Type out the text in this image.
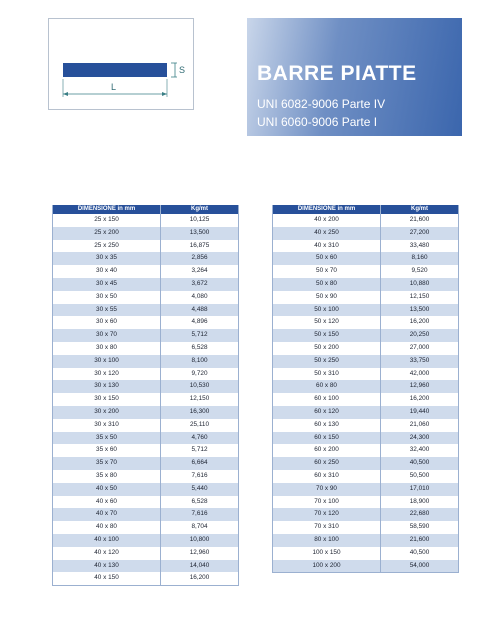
S
L
BARRE PIATTE
UNI 6082-9006 Parte IV
UNI 6060-9006 Parte I
DIMENSIONE in mm	Kg/mt
25 x 150	10,125
25 x 200	13,500
25 x 250	16,875
30 x 35	2,856
30 x 40	3,264
30 x 45	3,672
30 x 50	4,080
30 x 55	4,488
30 x 60	4,896
30 x 70	5,712
30 x 80	6,528
30 x 100	8,100
30 x 120	9,720
30 x 130	10,530
30 x 150	12,150
30 x 200	16,300
30 x 310	25,110
35 x 50	4,760
35 x 60	5,712
35 x 70	6,664
35 x 80	7,616
40 x 50	5,440
40 x 60	6,528
40 x 70	7,616
40 x 80	8,704
40 x 100	10,800
40 x 120	12,960
40 x 130	14,040
40 x 150	16,200
DIMENSIONE in mm	Kg/mt
40 x 200	21,600
40 x 250	27,200
40 x 310	33,480
50 x 60	8,160
50 x 70	9,520
50 x 80	10,880
50 x 90	12,150
50 x 100	13,500
50 x 120	16,200
50 x 150	20,250
50 x 200	27,000
50 x 250	33,750
50 x 310	42,000
60 x 80	12,960
60 x 100	16,200
60 x 120	19,440
60 x 130	21,060
60 x 150	24,300
60 x 200	32,400
60 x 250	40,500
60 x 310	50,500
70 x 90	17,010
70 x 100	18,900
70 x 120	22,680
70 x 310	58,590
80 x 100	21,600
100 x 150	40,500
100 x 200	54,000
